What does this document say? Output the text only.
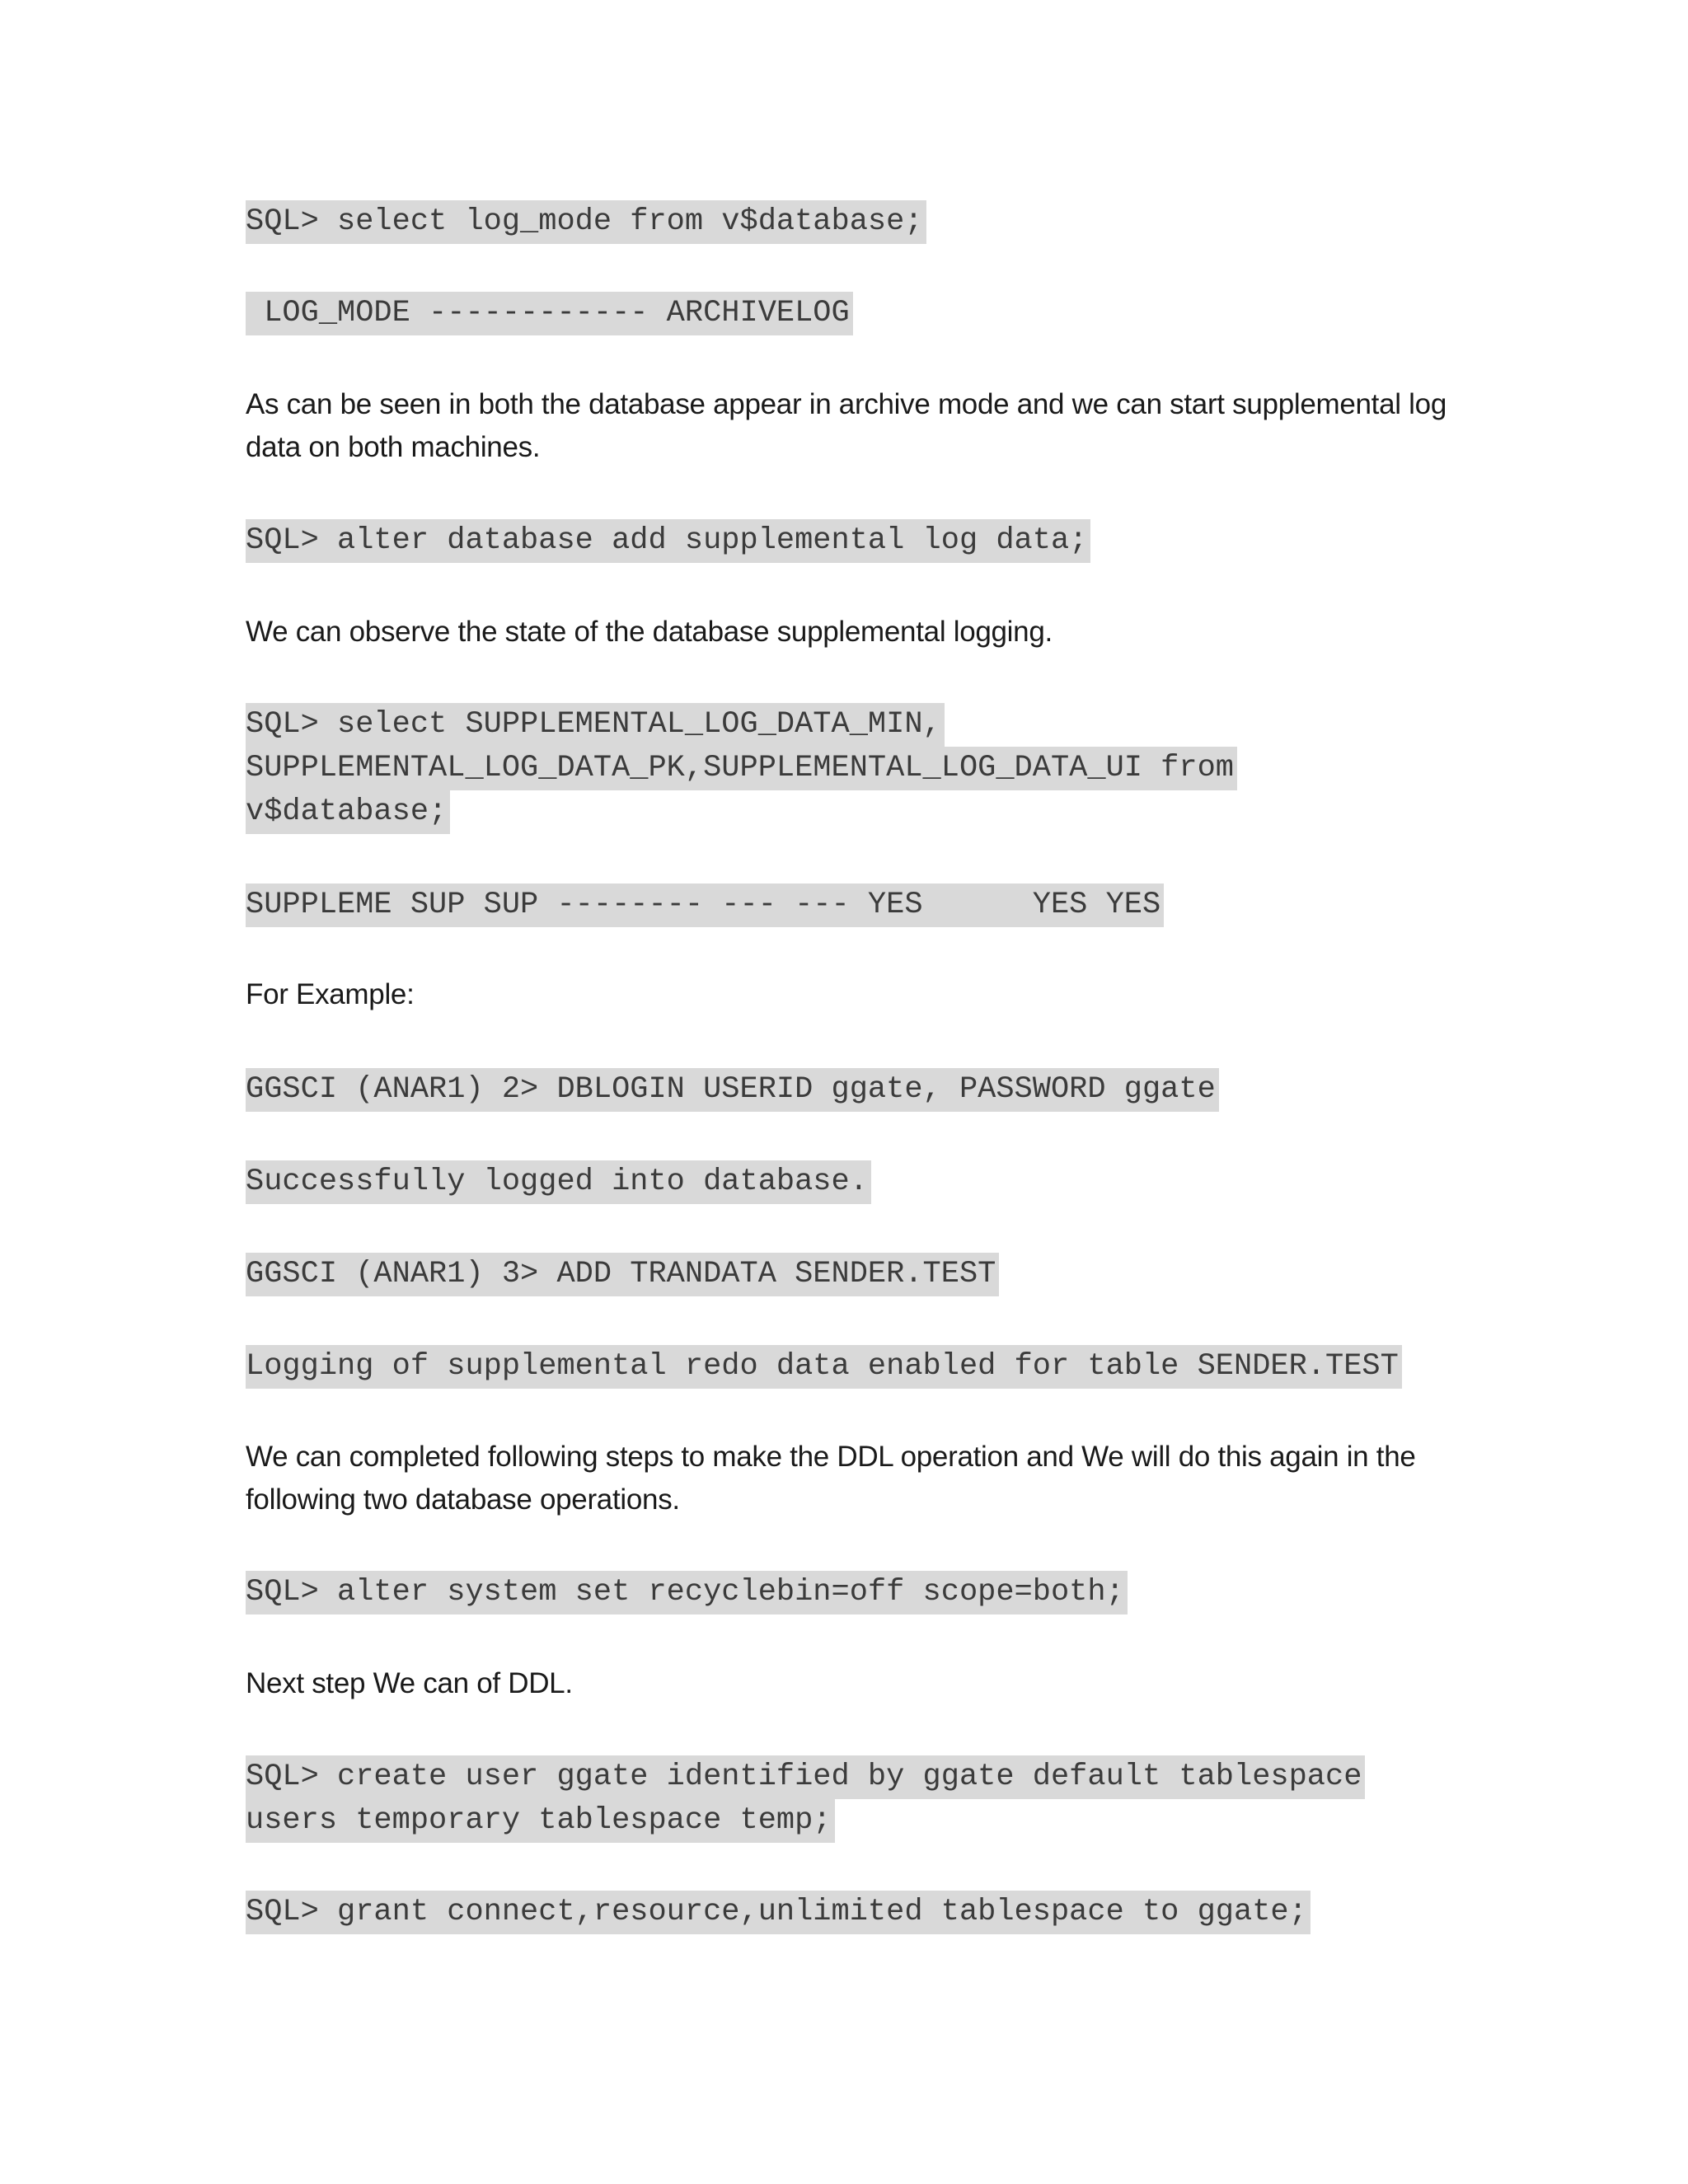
SQL> select log_mode from v$database;
LOG_MODE ------------ ARCHIVELOG

As can be seen in both the database appear in archive mode and we can start supplemental log data on both machines.

SQL> alter database add supplemental log data;

We can observe the state of the database supplemental logging.

SQL> select SUPPLEMENTAL_LOG_DATA_MIN,
SUPPLEMENTAL_LOG_DATA_PK,SUPPLEMENTAL_LOG_DATA_UI from
v$database;
SUPPLEME SUP SUP -------- --- --- YES      YES YES

For Example:

GGSCI (ANAR1) 2> DBLOGIN USERID ggate, PASSWORD ggate
Successfully logged into database.
GGSCI (ANAR1) 3> ADD TRANDATA SENDER.TEST
Logging of supplemental redo data enabled for table SENDER.TEST

We can completed following steps to make the DDL operation and We will do this again in the following two database operations.

SQL> alter system set recyclebin=off scope=both;

Next step We can of DDL.

SQL> create user ggate identified by ggate default tablespace
users temporary tablespace temp;
SQL> grant connect,resource,unlimited tablespace to ggate;
